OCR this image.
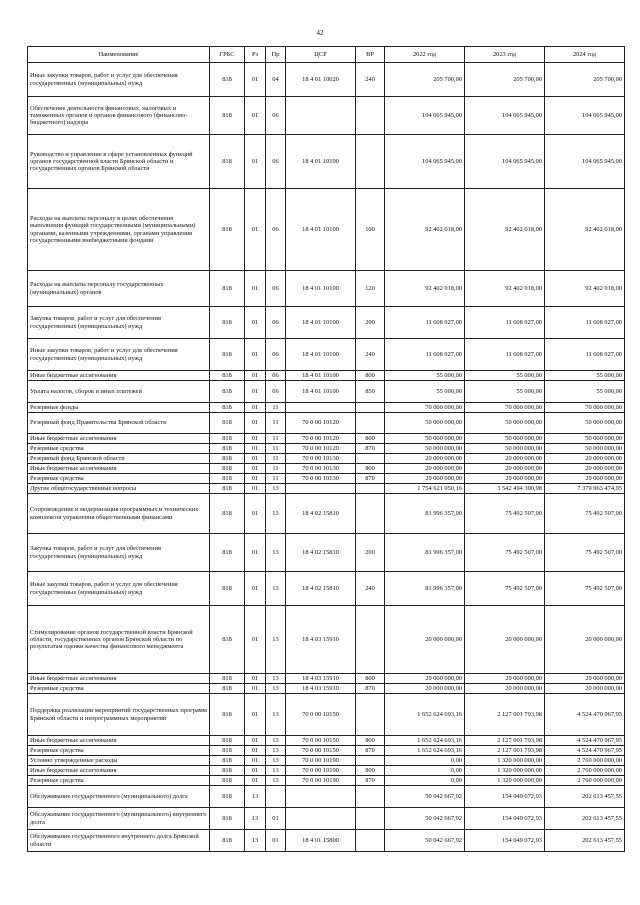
42
Наименование	ГРБС	Рз	Пр	ЦСР	ВР	2022 год	2023 год	2024 год
Иные закупки товаров, работ и услуг для обеспечения государственных (муниципальных) нужд	818	01	04	18 4 01 10020	240	205 700,00	205 700,00	205 700,00
Обеспечение деятельности финансовых, налоговых и таможенных органов и органов финансового (финансово-бюджетного) надзора	818	01	06			104 065 945,00	104 065 945,00	104 065 945,00
Руководство и управление в сфере установленных функций органов государственной власти Брянской области и государственных органов Брянской области	818	01	06	18 4 01 10100		104 065 945,00	104 065 945,00	104 065 945,00
Расходы на выплаты персоналу в целях обеспечения выполнения функций государственными (муниципальными) органами, казенными учреждениями, органами управления государственными внебюджетными фондами	818	01	06	18 4 01 10100	100	92 402 018,00	92 402 018,00	92 402 018,00
Расходы на выплаты персоналу государственных (муниципальных) органов	818	01	06	18 4 01 10100	120	92 402 018,00	92 402 018,00	92 402 018,00
Закупка товаров, работ и услуг для обеспечения государственных (муниципальных) нужд	818	01	06	18 4 01 10100	200	11 608 927,00	11 608 927,00	11 608 927,00
Иные закупки товаров, работ и услуг для обеспечения государственных (муниципальных) нужд	818	01	06	18 4 01 10100	240	11 608 927,00	11 608 927,00	11 608 927,00
Иные бюджетные ассигнования	818	01	06	18 4 01 10100	800	55 000,00	55 000,00	55 000,00
Уплата налогов, сборов и иных платежей	818	01	06	18 4 01 10100	850	55 000,00	55 000,00	55 000,00
Резервные фонды	818	01	11			70 000 000,00	70 000 000,00	70 000 000,00
Резервный фонд Правительства Брянской области	818	01	11	70 0 00 10120		50 000 000,00	50 000 000,00	50 000 000,00
Иные бюджетные ассигнования	818	01	11	70 0 00 10120	800	50 000 000,00	50 000 000,00	50 000 000,00
Резервные средства	818	01	11	70 0 00 10120	870	50 000 000,00	50 000 000,00	50 000 000,00
Резервный фонд Брянской области	818	01	11	70 0 00 10130		20 000 000,00	20 000 000,00	20 000 000,00
Иные бюджетные ассигнования	818	01	11	70 0 00 10130	800	20 000 000,00	20 000 000,00	20 000 000,00
Резервные средства	818	01	11	70 0 00 10130	870	20 000 000,00	20 000 000,00	20 000 000,00
Другие общегосударственные вопросы	818	01	13			1 754 621 050,16	3 542 494 300,98	7 379 963 474,95
Сопровождение и модернизация программных и технических комплексов управления общественными финансами	818	01	13	18 4 02 15810		81 996 357,00	75 492 507,00	75 492 507,00
Закупка товаров, работ и услуг для обеспечения государственных (муниципальных) нужд	818	01	13	18 4 02 15810	200	81 996 357,00	75 492 507,00	75 492 507,00
Иные закупки товаров, работ и услуг для обеспечения государственных (муниципальных) нужд	818	01	13	18 4 02 15810	240	81 996 357,00	75 492 507,00	75 492 507,00
Стимулирование органов государственной власти Брянской области, государственных органов Брянской области по результатам оценки качества финансового менеджмента	818	01	13	18 4 03 15910		20 000 000,00	20 000 000,00	20 000 000,00
Иные бюджетные ассигнования	818	01	13	18 4 03 15910	800	20 000 000,00	20 000 000,00	20 000 000,00
Резервные средства	818	01	13	18 4 03 15910	870	20 000 000,00	20 000 000,00	20 000 000,00
Поддержка реализации мероприятий государственных программ Брянской области и непрограммных мероприятий	818	01	13	70 0 00 10150		1 652 624 693,16	2 127 001 793,98	4 524 470 967,95
Иные бюджетные ассигнования	818	01	13	70 0 00 10150	800	1 652 624 693,16	2 127 001 793,98	4 524 470 967,95
Резервные средства	818	01	13	70 0 00 10150	870	1 652 624 693,16	2 127 001 793,98	4 524 470 967,95
Условно утвержденные расходы	818	01	13	70 0 00 10190		0,00	1 320 000 000,00	2 760 000 000,00
Иные бюджетные ассигнования	818	01	13	70 0 00 10190	800	0,00	1 320 000 000,00	2 760 000 000,00
Резервные средства	818	01	13	70 0 00 10190	870	0,00	1 320 000 000,00	2 760 000 000,00
Обслуживание государственного (муниципального) долга	818	13				50 042 667,92	154 049 072,93	202 613 457,55
Обслуживание государственного (муниципального) внутреннего долга	818	13	01			50 042 667,92	154 049 072,93	202 613 457,55
Обслуживание государственного внутреннего долга Брянской области	818	13	01	18 4 01 15800		50 042 667,92	154 049 072,93	202 613 457,55
